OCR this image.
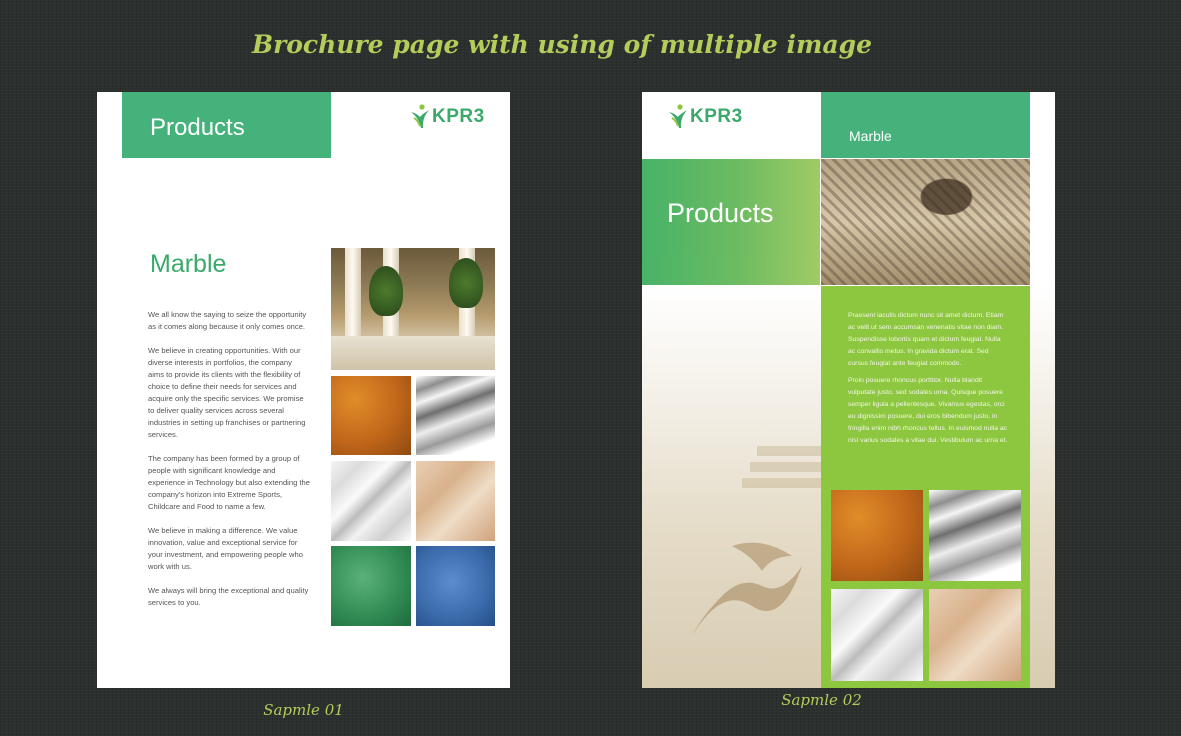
Brochure page with using of multiple image
Products	KPR3
Marble

We all know the saying to seize the opportunity as it comes along because it only comes once.

We believe in creating opportunities. With our diverse interests in portfolios, the company aims to provide its clients with the flexibility of choice to define their needs for services and acquire only the specific services. We promise to deliver quality services across several industries in setting up franchises or partnering services.

The company has been formed by a group of people with significant knowledge and experience in Technology but also extending the company's horizon into Extreme Sports, Childcare and Food to name a few.

We believe in making a difference. We value innovation, value and exceptional service for your investment, and empowering people who work with us.

We always will bring the exceptional and quality services to you.

Sapmle 01
KPR3
Marble
Products

Praesent iaculis dictum nunc sit amet dictum. Etiam ac velit ut sem accumsan venenatis vitae non diam. Suspendisse lobortis quam et dictum feugiat. Nulla ac convallis metus. In gravida dictum erat. Sed cursus feugiat ante feugiat commodo.

Proin posuere rhoncus porttitor. Nulla blandit vulputate justo, sed sodales urna. Quisque posuere semper ligula a pellentesque. Vivamus egestas, orci eu dignissim posuere, dui eros bibendum justo, in fringilla enim nibh rhoncus tellus. In euismod nulla ac nisl varius sodales a vitae dui. Vestibulum ac urna et.

Sapmle 02
